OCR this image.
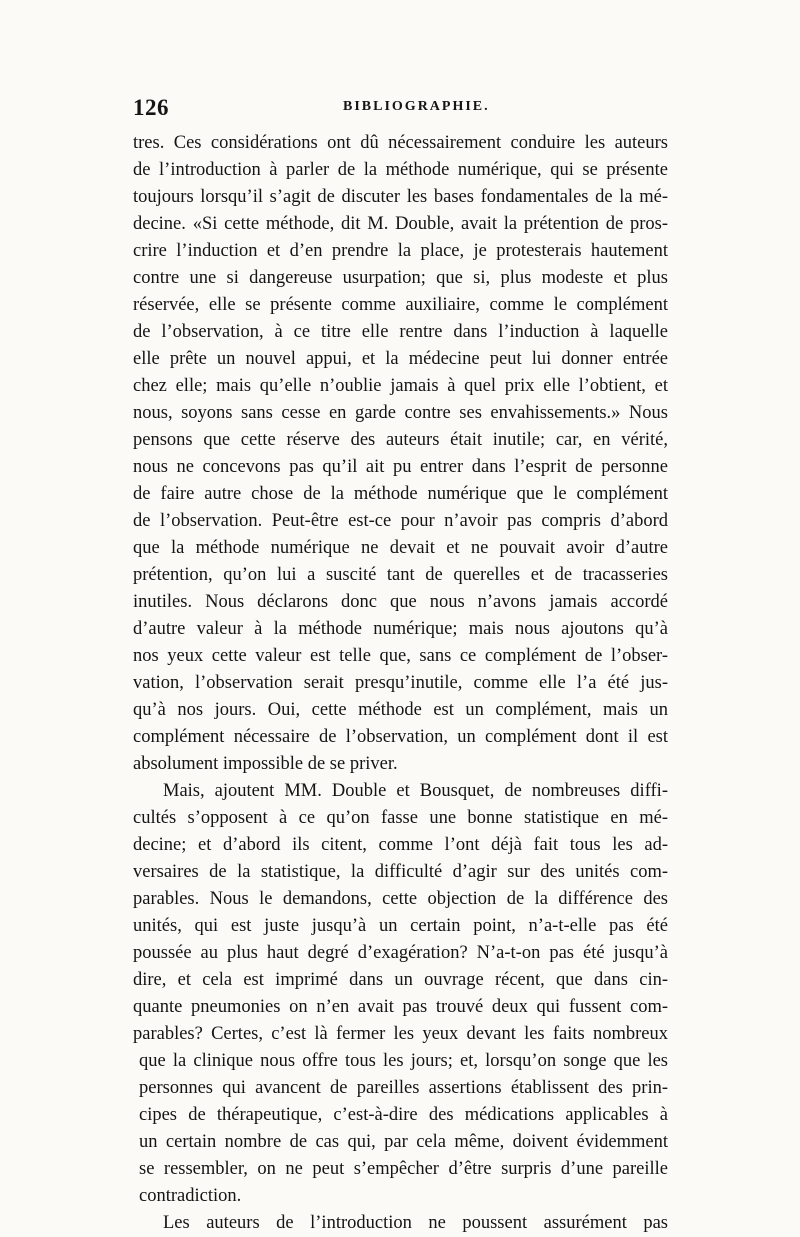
126	BIBLIOGRAPHIE.
tres. Ces considérations ont dû nécessairement conduire les auteurs
de l’introduction à parler de la méthode numérique, qui se présente
toujours lorsqu’il s’agit de discuter les bases fondamentales de la mé-
decine. «Si cette méthode, dit M. Double, avait la prétention de pros-
crire l’induction et d’en prendre la place, je protesterais hautement
contre une si dangereuse usurpation; que si, plus modeste et plus
réservée, elle se présente comme auxiliaire, comme le complément
de l’observation, à ce titre elle rentre dans l’induction à laquelle
elle prête un nouvel appui, et la médecine peut lui donner entrée
chez elle; mais qu’elle n’oublie jamais à quel prix elle l’obtient, et
nous, soyons sans cesse en garde contre ses envahissements.» Nous
pensons que cette réserve des auteurs était inutile; car, en vérité,
nous ne concevons pas qu’il ait pu entrer dans l’esprit de personne
de faire autre chose de la méthode numérique que le complément
de l’observation. Peut-être est-ce pour n’avoir pas compris d’abord
que la méthode numérique ne devait et ne pouvait avoir d’autre
prétention, qu’on lui a suscité tant de querelles et de tracasseries
inutiles. Nous déclarons donc que nous n’avons jamais accordé
d’autre valeur à la méthode numérique; mais nous ajoutons qu’à
nos yeux cette valeur est telle que, sans ce complément de l’obser-
vation, l’observation serait presqu’inutile, comme elle l’a été jus-
qu’à nos jours. Oui, cette méthode est un complément, mais un
complément nécessaire de l’observation, un complément dont il est
absolument impossible de se priver.
Mais, ajoutent MM. Double et Bousquet, de nombreuses diffi-
cultés s’opposent à ce qu’on fasse une bonne statistique en mé-
decine; et d’abord ils citent, comme l’ont déjà fait tous les ad-
versaires de la statistique, la difficulté d’agir sur des unités com-
parables. Nous le demandons, cette objection de la différence des
unités, qui est juste jusqu’à un certain point, n’a-t-elle pas été
poussée au plus haut degré d’exagération? N’a-t-on pas été jusqu’à
dire, et cela est imprimé dans un ouvrage récent, que dans cin-
quante pneumonies on n’en avait pas trouvé deux qui fussent com-
parables? Certes, c’est là fermer les yeux devant les faits nombreux
que la clinique nous offre tous les jours; et, lorsqu’on songe que les
personnes qui avancent de pareilles assertions établissent des prin-
cipes de thérapeutique, c’est-à-dire des médications applicables à
un certain nombre de cas qui, par cela même, doivent évidemment
se ressembler, on ne peut s’empêcher d’être surpris d’une pareille
contradiction.
Les auteurs de l’introduction ne poussent assurément pas
